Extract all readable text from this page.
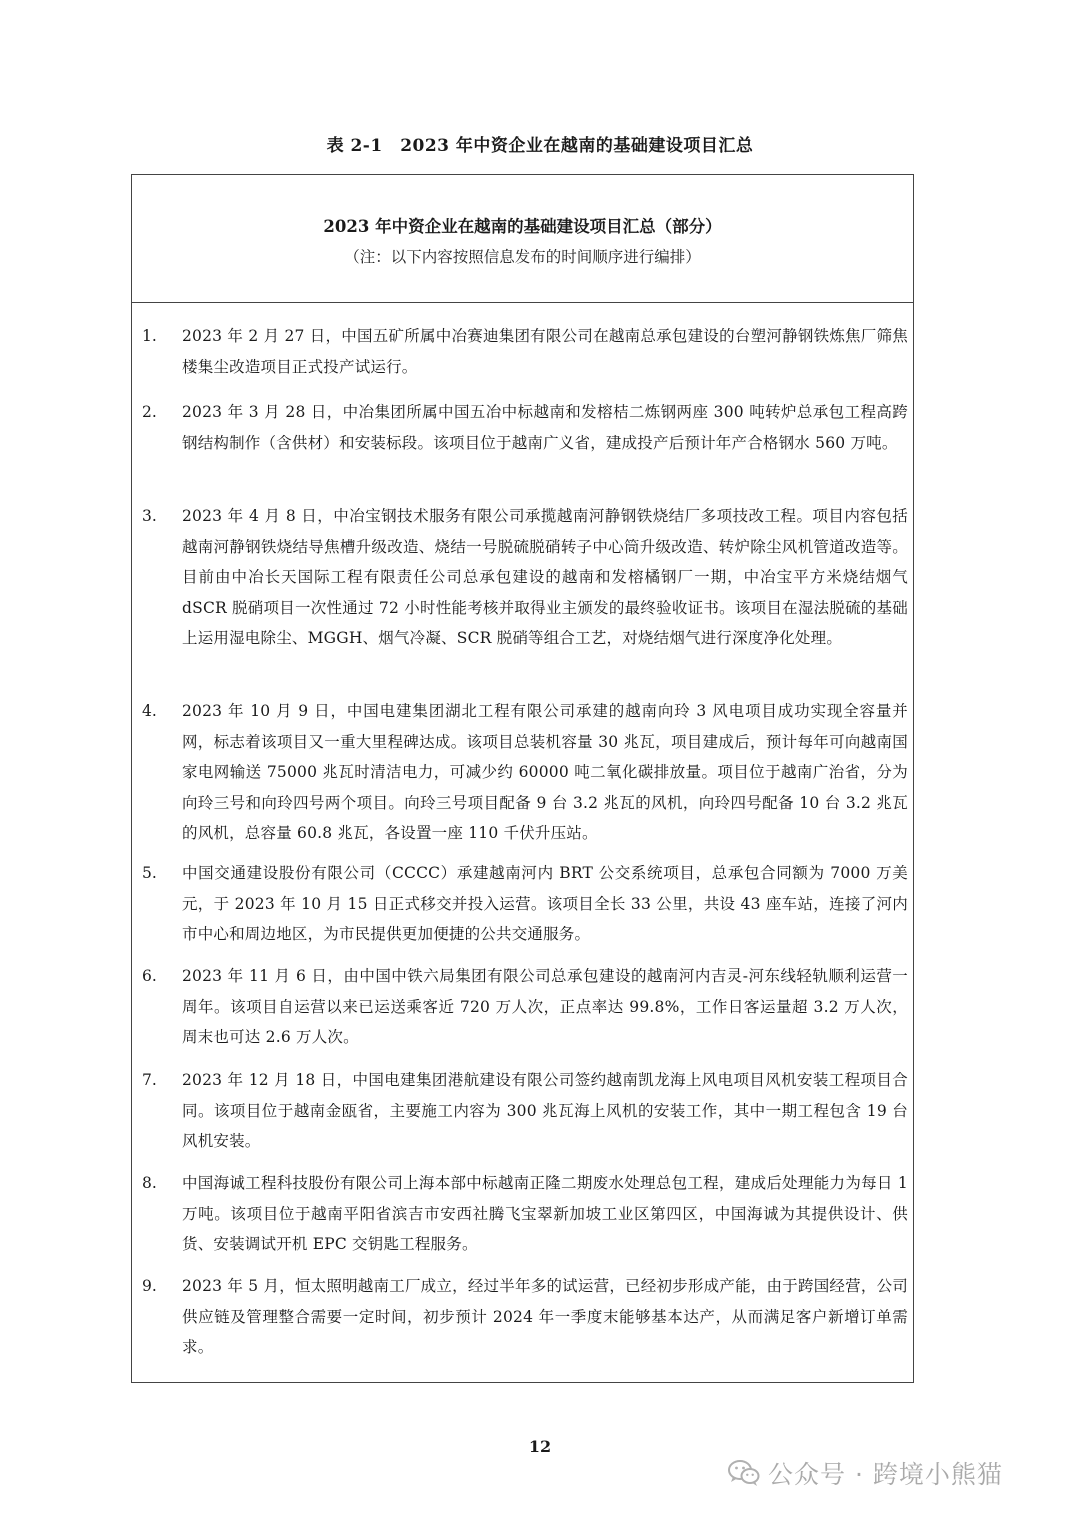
表 2-1　2023 年中资企业在越南的基础建设项目汇总
2023 年中资企业在越南的基础建设项目汇总（部分）
（注：以下内容按照信息发布的时间顺序进行编排）
1. 2023 年 2 月 27 日，中国五矿所属中冶赛迪集团有限公司在越南总承包建设的台塑河静钢铁炼焦厂筛焦楼集尘改造项目正式投产试运行。
2. 2023 年 3 月 28 日，中冶集团所属中国五冶中标越南和发榕桔二炼钢两座 300 吨转炉总承包工程高跨钢结构制作（含供材）和安装标段。该项目位于越南广义省，建成投产后预计年产合格钢水 560 万吨。
3. 2023 年 4 月 8 日，中冶宝钢技术服务有限公司承揽越南河静钢铁烧结厂多项技改工程。项目内容包括越南河静钢铁烧结导焦槽升级改造、烧结一号脱硫脱硝转子中心筒升级改造、转炉除尘风机管道改造等。目前由中冶长天国际工程有限责任公司总承包建设的越南和发榕橘钢厂一期，中冶宝平方米烧结烟气 dSCR 脱硝项目一次性通过 72 小时性能考核并取得业主颁发的最终验收证书。该项目在湿法脱硫的基础上运用湿电除尘、MGGH、烟气冷凝、SCR 脱硝等组合工艺，对烧结烟气进行深度净化处理。
4. 2023 年 10 月 9 日，中国电建集团湖北工程有限公司承建的越南向玲 3 风电项目成功实现全容量并网，标志着该项目又一重大里程碑达成。该项目总装机容量 30 兆瓦，项目建成后，预计每年可向越南国家电网输送 75000 兆瓦时清洁电力，可减少约 60000 吨二氧化碳排放量。项目位于越南广治省，分为向玲三号和向玲四号两个项目。向玲三号项目配备 9 台 3.2 兆瓦的风机，向玲四号配备 10 台 3.2 兆瓦的风机，总容量 60.8 兆瓦，各设置一座 110 千伏升压站。
5. 中国交通建设股份有限公司（CCCC）承建越南河内 BRT 公交系统项目，总承包合同额为 7000 万美元，于 2023 年 10 月 15 日正式移交并投入运营。该项目全长 33 公里，共设 43 座车站，连接了河内市中心和周边地区，为市民提供更加便捷的公共交通服务。
6. 2023 年 11 月 6 日，由中国中铁六局集团有限公司总承包建设的越南河内吉灵-河东线轻轨顺利运营一周年。该项目自运营以来已运送乘客近 720 万人次，正点率达 99.8%，工作日客运量超 3.2 万人次，周末也可达 2.6 万人次。
7. 2023 年 12 月 18 日，中国电建集团港航建设有限公司签约越南凯龙海上风电项目风机安装工程项目合同。该项目位于越南金瓯省，主要施工内容为 300 兆瓦海上风机的安装工作，其中一期工程包含 19 台风机安装。
8. 中国海诚工程科技股份有限公司上海本部中标越南正隆二期废水处理总包工程，建成后处理能力为每日 1 万吨。该项目位于越南平阳省滨吉市安西社腾飞宝翠新加坡工业区第四区，中国海诚为其提供设计、供货、安装调试开机 EPC 交钥匙工程服务。
9. 2023 年 5 月，恒太照明越南工厂成立，经过半年多的试运营，已经初步形成产能，由于跨国经营，公司供应链及管理整合需要一定时间，初步预计 2024 年一季度末能够基本达产，从而满足客户新增订单需求。
12
公众号 · 跨境小熊猫
